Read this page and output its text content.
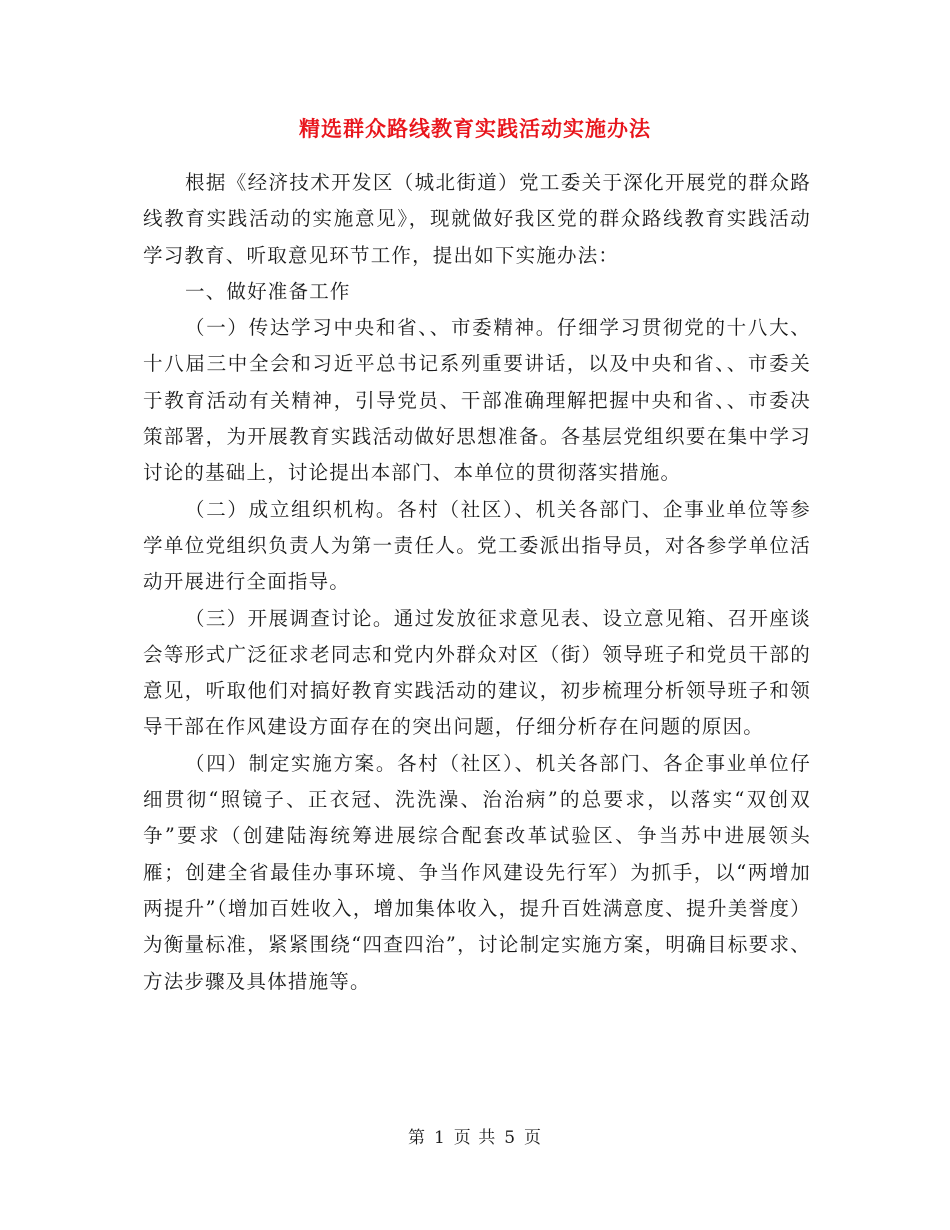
精选群众路线教育实践活动实施办法

根据《经济技术开发区（城北街道）党工委关于深化开展党的群众路线教育实践活动的实施意见》，现就做好我区党的群众路线教育实践活动学习教育、听取意见环节工作，提出如下实施办法：

一、做好准备工作

（一）传达学习中央和省、、市委精神。仔细学习贯彻党的十八大、十八届三中全会和习近平总书记系列重要讲话，以及中央和省、、市委关于教育活动有关精神，引导党员、干部准确理解把握中央和省、、市委决策部署，为开展教育实践活动做好思想准备。各基层党组织要在集中学习讨论的基础上，讨论提出本部门、本单位的贯彻落实措施。

（二）成立组织机构。各村（社区）、机关各部门、企事业单位等参学单位党组织负责人为第一责任人。党工委派出指导员，对各参学单位活动开展进行全面指导。

（三）开展调查讨论。通过发放征求意见表、设立意见箱、召开座谈会等形式广泛征求老同志和党内外群众对区（街）领导班子和党员干部的意见，听取他们对搞好教育实践活动的建议，初步梳理分析领导班子和领导干部在作风建设方面存在的突出问题，仔细分析存在问题的原因。

（四）制定实施方案。各村（社区）、机关各部门、各企事业单位仔细贯彻“照镜子、正衣冠、洗洗澡、治治病”的总要求，以落实“双创双争”要求（创建陆海统筹进展综合配套改革试验区、争当苏中进展领头雁；创建全省最佳办事环境、争当作风建设先行军）为抓手，以“两增加两提升”（增加百姓收入，增加集体收入，提升百姓满意度、提升美誉度）为衡量标准，紧紧围绕“四查四治”，讨论制定实施方案，明确目标要求、方法步骤及具体措施等。

第 1 页 共 5 页
